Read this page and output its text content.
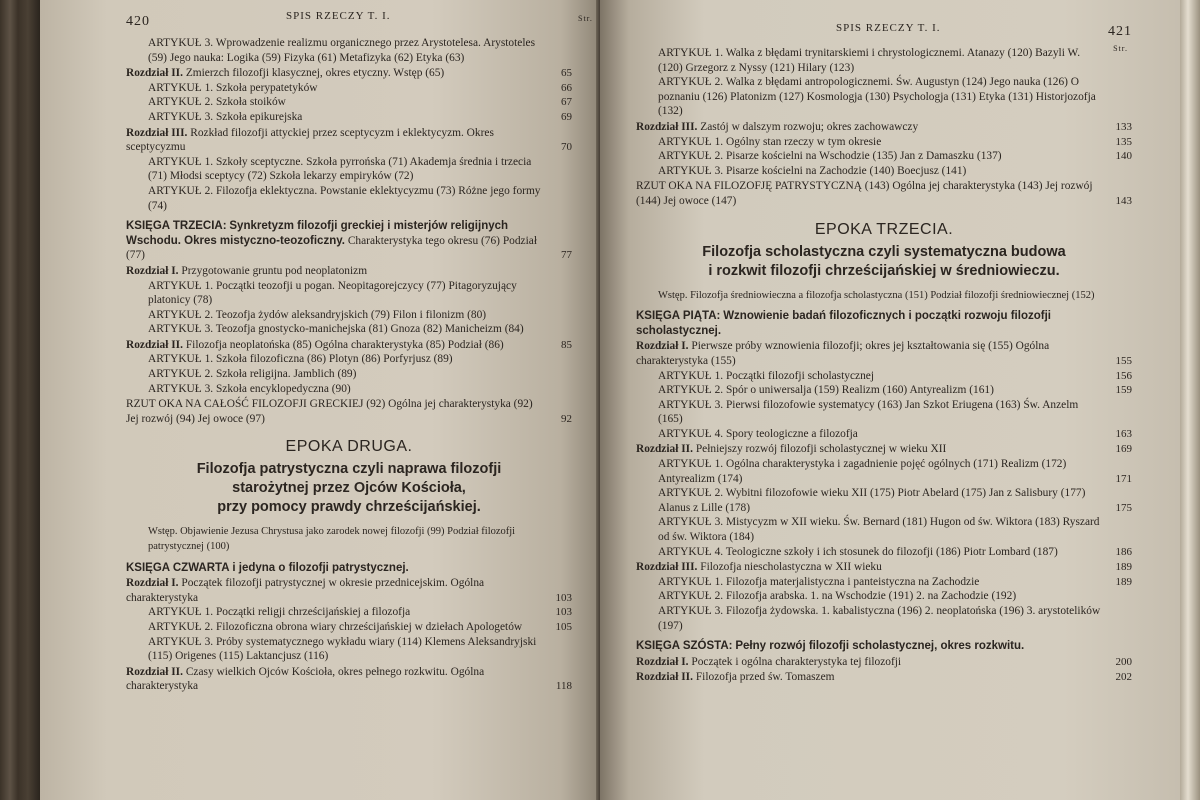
420	SPIS RZECZY T. I.	Str.
ARTYKUŁ 3. Wprowadzenie realizmu organicznego przez Arystotelesa. Arystoteles (59) Jego nauka: Logika (59) Fizyka (61) Metafizyka (62) Etyka (63)
Rozdział II. Zmierzch filozofji klasycznej, okres etyczny. Wstęp (65)	65
ARTYKUŁ 1. Szkoła perypatetyków	66
ARTYKUŁ 2. Szkoła stoików	67
ARTYKUŁ 3. Szkoła epikurejska	69
Rozdział III. Rozkład filozofji attyckiej przez sceptycyzm i eklektycyzm. Okres sceptycyzmu	70
ARTYKUŁ 1. Szkoły sceptyczne. Szkoła pyrrońska (71) Akademja średnia i trzecia (71) Młodsi sceptycy (72) Szkoła lekarzy empiryków (72)
ARTYKUŁ 2. Filozofja eklektyczna. Powstanie eklektycyzmu (73) Różne jego formy (74)
KSIĘGA TRZECIA: Synkretyzm filozofji greckiej i misterjów religijnych Wschodu. Okres mistyczno-teozoficzny. Charakterystyka tego okresu (76) Podział (77)	77
Rozdział I. Przygotowanie gruntu pod neoplatonizm
ARTYKUŁ 1. Początki teozofji u pogan. Neopitagorejczycy (77) Pitagoryzujący platonicy (78)
ARTYKUŁ 2. Teozofja żydów aleksandryjskich (79) Filon i filonizm (80)
ARTYKUŁ 3. Teozofja gnostycko-manichejska (81) Gnoza (82) Manicheizm (84)
Rozdział II. Filozofja neoplatońska (85) Ogólna charakterystyka (85) Podział (86)	85
ARTYKUŁ 1. Szkoła filozoficzna (86) Plotyn (86) Porfyrjusz (89)
ARTYKUŁ 2. Szkoła religijna. Jamblich (89)
ARTYKUŁ 3. Szkoła encyklopedyczna (90)
RZUT OKA NA CAŁOŚĆ FILOZOFJI GRECKIEJ (92) Ogólna jej charakterystyka (92) Jej rozwój (94) Jej owoce (97)	92
EPOKA DRUGA.
Filozofja patrystyczna czyli naprawa filozofji
starożytnej przez Ojców Kościoła,
przy pomocy prawdy chrześcijańskiej.
Wstęp. Objawienie Jezusa Chrystusa jako zarodek nowej filozofji (99) Podział filozofji patrystycznej (100)
KSIĘGA CZWARTA i jedyna o filozofji patrystycznej.
Rozdział I. Początek filozofji patrystycznej w okresie przednicejskim. Ogólna charakterystyka	103
ARTYKUŁ 1. Początki religji chrześcijańskiej a filozofja	103
ARTYKUŁ 2. Filozoficzna obrona wiary chrześcijańskiej w dziełach Apologetów	105
ARTYKUŁ 3. Próby systematycznego wykładu wiary (114) Klemens Aleksandryjski (115) Origenes (115) Laktancjusz (116)
Rozdział II. Czasy wielkich Ojców Kościoła, okres pełnego rozkwitu. Ogólna charakterystyka	118
SPIS RZECZY T. I.	421
Str.
ARTYKUŁ 1. Walka z błędami trynitarskiemi i chrystologicznemi. Atanazy (120) Bazyli W. (120) Grzegorz z Nyssy (121) Hilary (123)
ARTYKUŁ 2. Walka z błędami antropologicznemi. Św. Augustyn (124) Jego nauka (126) O poznaniu (126) Platonizm (127) Kosmologja (130) Psychologja (131) Etyka (131) Historjozofja (132)
Rozdział III. Zastój w dalszym rozwoju; okres zachowawczy	133
ARTYKUŁ 1. Ogólny stan rzeczy w tym okresie	135
ARTYKUŁ 2. Pisarze kościelni na Wschodzie (135) Jan z Damaszku (137)	140
ARTYKUŁ 3. Pisarze kościelni na Zachodzie (140) Boecjusz (141)
RZUT OKA NA FILOZOFJĘ PATRYSTYCZNĄ (143) Ogólna jej charakterystyka (143) Jej rozwój (144) Jej owoce (147)	143
EPOKA TRZECIA.
Filozofja scholastyczna czyli systematyczna budowa
i rozkwit filozofji chrześcijańskiej w średniowieczu.
Wstęp. Filozofja średniowieczna a filozofja scholastyczna (151) Podział filozofji średniowiecznej (152)
KSIĘGA PIĄTA: Wznowienie badań filozoficznych i początki rozwoju filozofji scholastycznej.
Rozdział I. Pierwsze próby wznowienia filozofji; okres jej kształtowania się (155) Ogólna charakterystyka (155)	155
ARTYKUŁ 1. Początki filozofji scholastycznej	156
ARTYKUŁ 2. Spór o uniwersalja (159) Realizm (160) Antyrealizm (161)	159
ARTYKUŁ 3. Pierwsi filozofowie systematycy (163) Jan Szkot Eriugena (163) Św. Anzelm (165)
ARTYKUŁ 4. Spory teologiczne a filozofja	163
Rozdział II. Pełniejszy rozwój filozofji scholastycznej w wieku XII	169
ARTYKUŁ 1. Ogólna charakterystyka i zagadnienie pojęć ogólnych (171) Realizm (172) Antyrealizm (174)	171
ARTYKUŁ 2. Wybitni filozofowie wieku XII (175) Piotr Abelard (175) Jan z Salisbury (177) Alanus z Lille (178)	175
ARTYKUŁ 3. Mistycyzm w XII wieku. Św. Bernard (181) Hugon od św. Wiktora (183) Ryszard od św. Wiktora (184)
ARTYKUŁ 4. Teologiczne szkoły i ich stosunek do filozofji (186) Piotr Lombard (187)	186
Rozdział III. Filozofja niescholastyczna w XII wieku	189
ARTYKUŁ 1. Filozofja materjalistyczna i panteistyczna na Zachodzie	189
ARTYKUŁ 2. Filozofja arabska. 1. na Wschodzie (191) 2. na Zachodzie (192)
ARTYKUŁ 3. Filozofja żydowska. 1. kabalistyczna (196) 2. neoplatońska (196) 3. arystotelików (197)
KSIĘGA SZÓSTA: Pełny rozwój filozofji scholastycznej, okres rozkwitu.
Rozdział I. Początek i ogólna charakterystyka tej filozofji	200
Rozdział II. Filozofja przed św. Tomaszem	202
